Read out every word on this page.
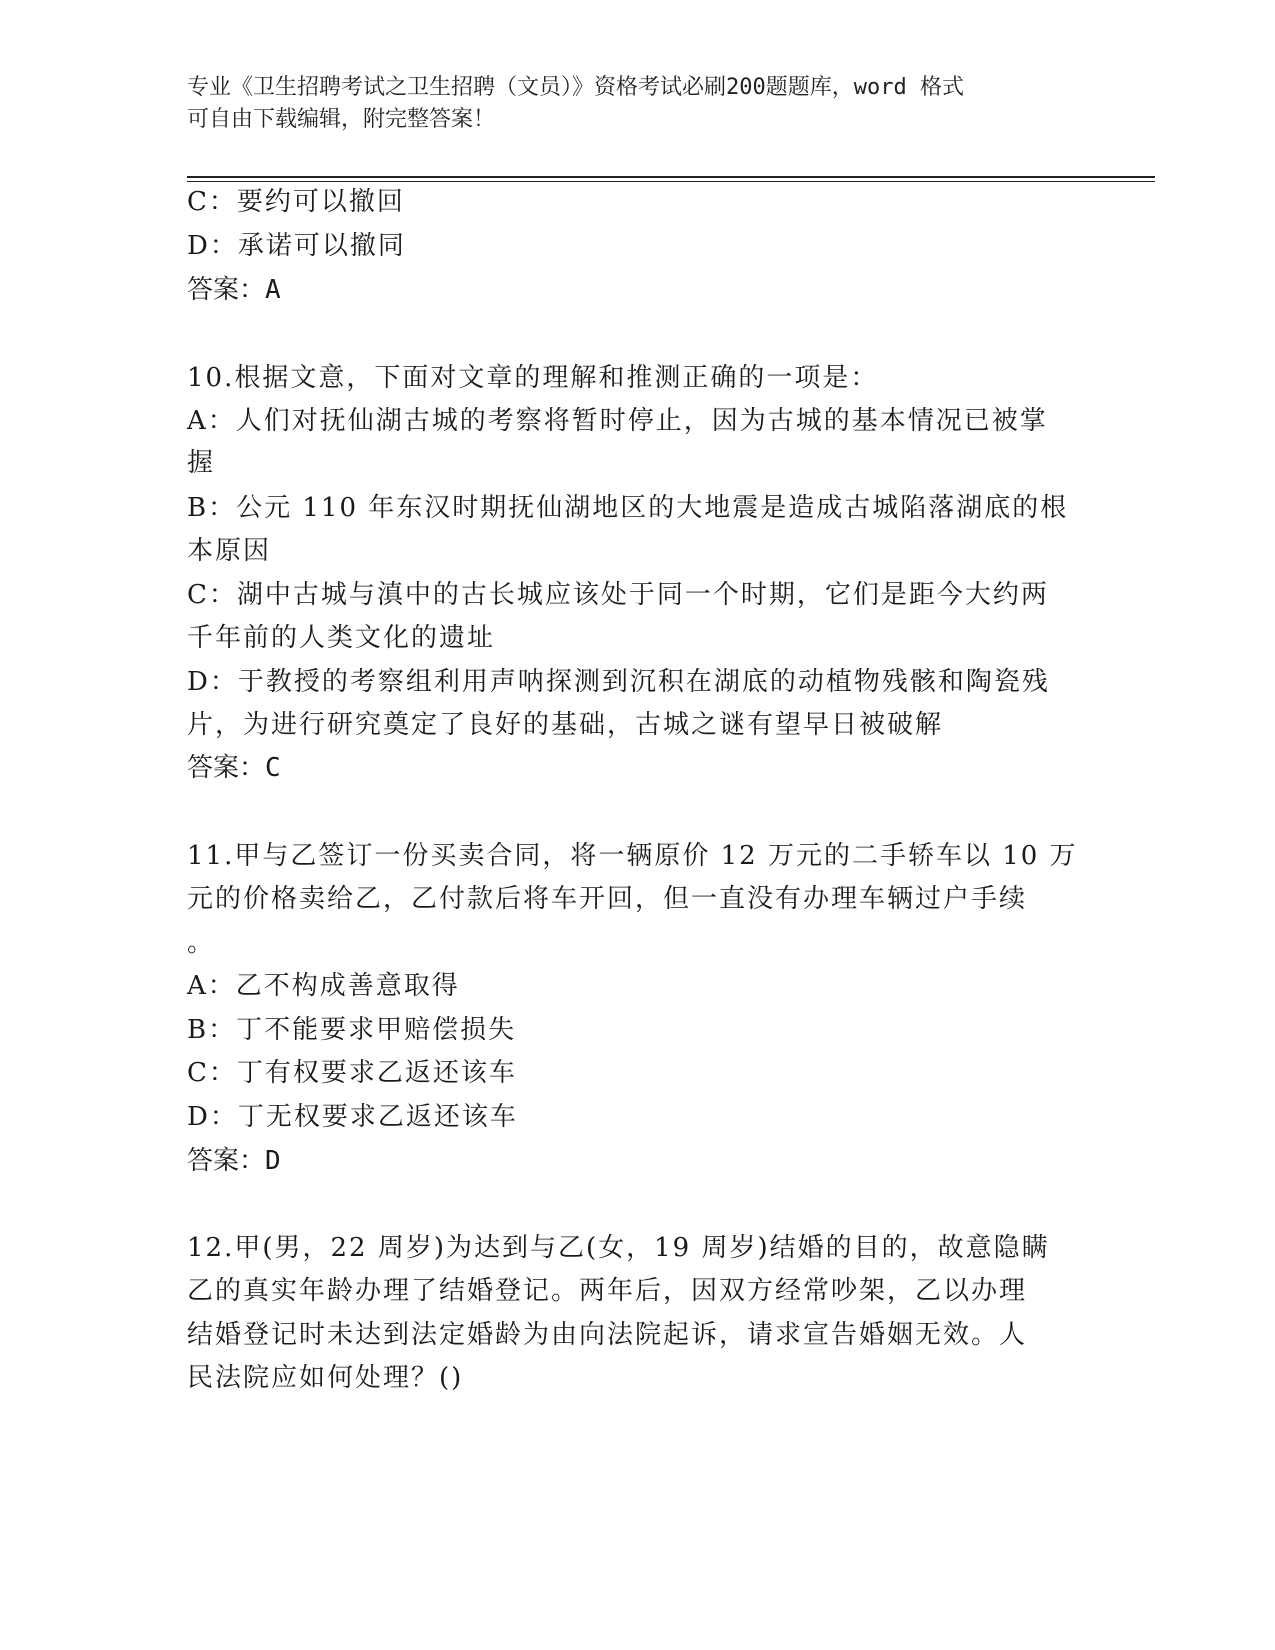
专业《卫生招聘考试之卫生招聘（文员）》资格考试必刷200题题库，word 格式
可自由下载编辑，附完整答案！
C：要约可以撤回
D：承诺可以撤同
答案：A
10.根据文意，下面对文章的理解和推测正确的一项是：
A：人们对抚仙湖古城的考察将暂时停止，因为古城的基本情况已被掌
握
B：公元 110 年东汉时期抚仙湖地区的大地震是造成古城陷落湖底的根
本原因
C：湖中古城与滇中的古长城应该处于同一个时期，它们是距今大约两
千年前的人类文化的遗址
D：于教授的考察组利用声呐探测到沉积在湖底的动植物残骸和陶瓷残
片，为进行研究奠定了良好的基础，古城之谜有望早日被破解
答案：C
11.甲与乙签订一份买卖合同，将一辆原价 12 万元的二手轿车以 10 万
元的价格卖给乙，乙付款后将车开回，但一直没有办理车辆过户手续
。
A：乙不构成善意取得
B：丁不能要求甲赔偿损失
C：丁有权要求乙返还该车
D：丁无权要求乙返还该车
答案：D
12.甲(男，22 周岁)为达到与乙(女，19 周岁)结婚的目的，故意隐瞒
乙的真实年龄办理了结婚登记。两年后，因双方经常吵架，乙以办理
结婚登记时未达到法定婚龄为由向法院起诉，请求宣告婚姻无效。人
民法院应如何处理？()
